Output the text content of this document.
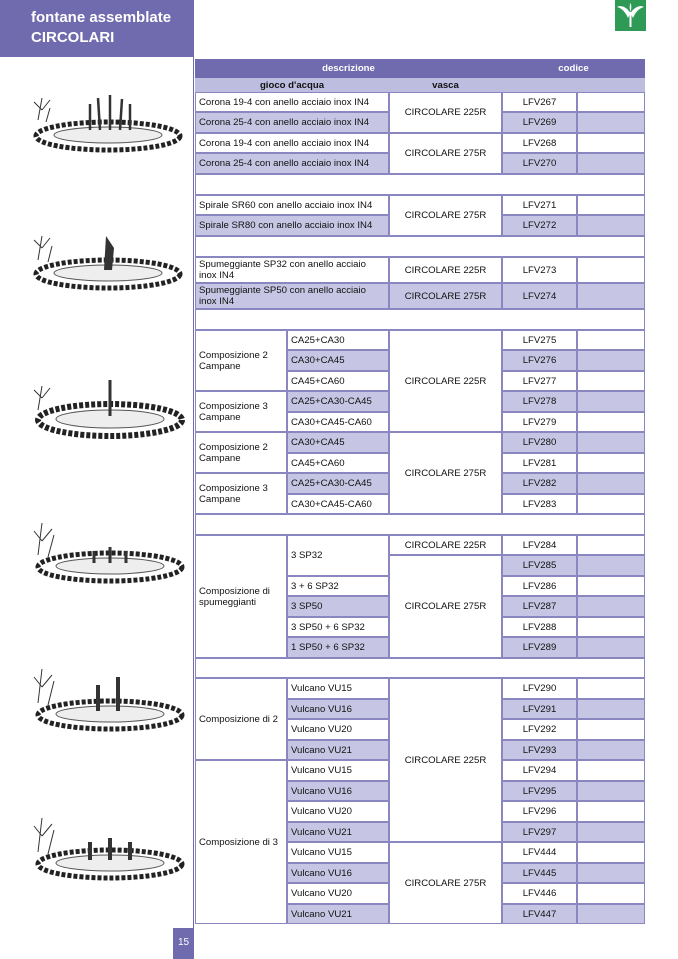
fontane assemblate
CIRCOLARI
15
descrizione	codice
gioco d'acqua	vasca
Corona 19-4 con anello acciaio inox IN4
Corona 25-4 con anello acciaio inox IN4
Corona 19-4 con anello acciaio inox IN4
Corona 25-4 con anello acciaio inox IN4
CIRCOLARE 225R
CIRCOLARE 275R
LFV267
LFV269
LFV268
LFV270
Spirale SR60 con anello acciaio inox IN4
Spirale SR80 con anello acciaio inox IN4
CIRCOLARE 275R
LFV271
LFV272
Spumeggiante SP32 con anello acciaio
inox IN4
Spumeggiante SP50 con anello acciaio
inox IN4
CIRCOLARE 225R
CIRCOLARE 275R
LFV273
LFV274
Composizione 2
Campane
Composizione 3
Campane
Composizione 2
Campane
Composizione 3
Campane
CA25+CA30
CA30+CA45
CA45+CA60
CA25+CA30-CA45
CA30+CA45-CA60
CA30+CA45
CA45+CA60
CA25+CA30-CA45
CA30+CA45-CA60
CIRCOLARE 225R
CIRCOLARE 275R
LFV275
LFV276
LFV277
LFV278
LFV279
LFV280
LFV281
LFV282
LFV283
Composizione di
spumeggianti
3 SP32
3 + 6 SP32
3 SP50
3 SP50 + 6 SP32
1 SP50 + 6 SP32
CIRCOLARE 225R
CIRCOLARE 275R
LFV284
LFV285
LFV286
LFV287
LFV288
LFV289
Composizione di 2
Composizione di 3
Vulcano VU15
Vulcano VU16
Vulcano VU20
Vulcano VU21
Vulcano VU15
Vulcano VU16
Vulcano VU20
Vulcano VU21
Vulcano VU15
Vulcano VU16
Vulcano VU20
Vulcano VU21
CIRCOLARE 225R
CIRCOLARE 275R
LFV290
LFV291
LFV292
LFV293
LFV294
LFV295
LFV296
LFV297
LFV444
LFV445
LFV446
LFV447
